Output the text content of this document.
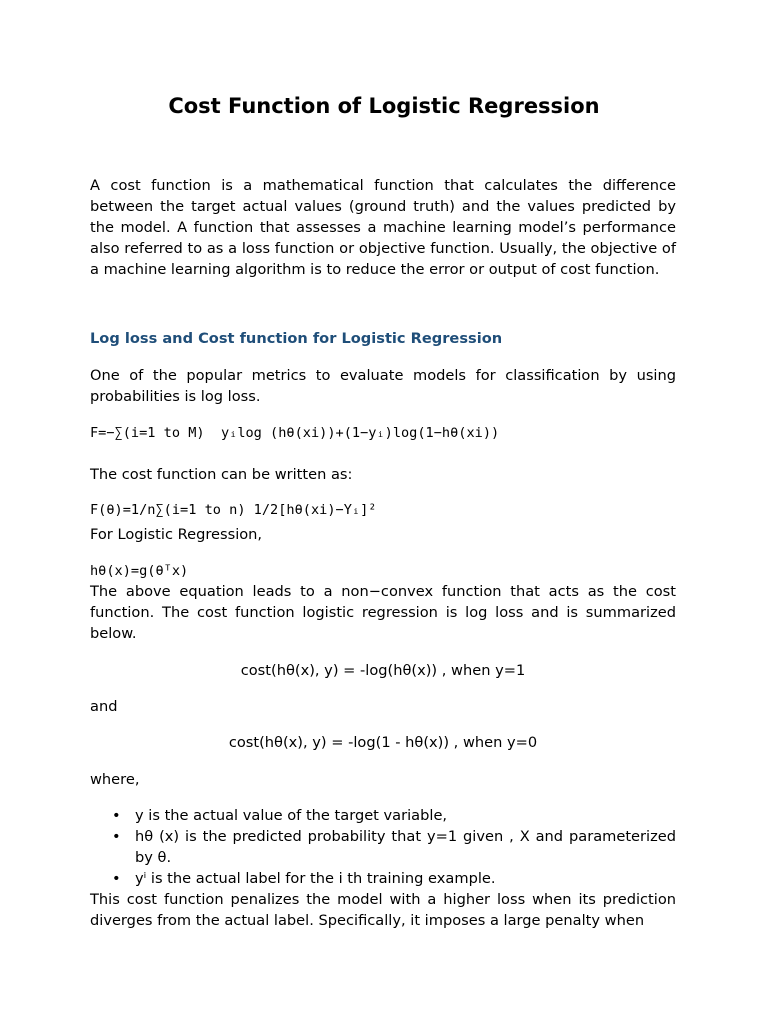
Cost Function of Logistic Regression

A cost function is a mathematical function that calculates the difference between the target actual values (ground truth) and the values predicted by the model. A function that assesses a machine learning model’s performance also referred to as a loss function or objective function. Usually, the objective of a machine learning algorithm is to reduce the error or output of cost function.

Log loss and Cost function for Logistic Regression

One of the popular metrics to evaluate models for classification by using probabilities is log loss.

F=−∑(i=1 to M)  yᵢlog (hθ(xi))+(1−yᵢ)log(1−hθ(xi))

The cost function can be written as:

F(θ)=1/n∑(i=1 to n) 1/2[hθ(xi)−Yᵢ]²

For Logistic Regression,

hθ(x)=g(θᵀx)

The above equation leads to a non−convex function that acts as the cost function. The cost function logistic regression is log loss and is summarized below.

cost(hθ(x), y) = -log(hθ(x)) , when y=1

and

cost(hθ(x), y) = -log(1 - hθ(x)) , when y=0

where,

• y is the actual value of the target variable,
• hθ (x) is the predicted probability that y=1 given , X and parameterized by θ.
• yⁱ is the actual label for the i th training example.

This cost function penalizes the model with a higher loss when its prediction diverges from the actual label. Specifically, it imposes a large penalty when
